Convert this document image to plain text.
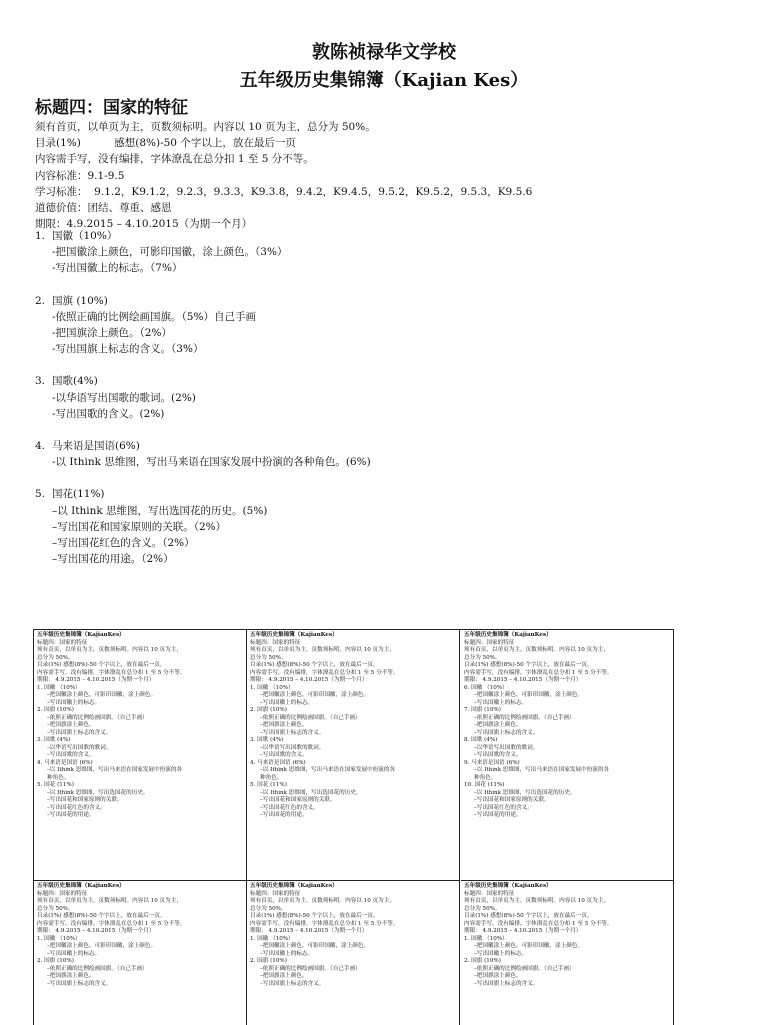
敦陈祯禄华文学校
五年级历史集锦簿（Kajian Kes）
标题四：国家的特征
须有首页，以单页为主，页数须标明。内容以 10 页为主，总分为 50%。
目录(1%)          感想(8%)-50 个字以上，放在最后一页
内容需手写，没有编排，字体潦乱在总分扣 1 至 5 分不等。
内容标准：9.1-9.5
学习标准：  9.1.2，K9.1.2，9.2.3，9.3.3，K9.3.8，9.4.2，K9.4.5，9.5.2，K9.5.2，9.5.3，K9.5.6
道德价值：团结、尊重、感恩
期限：4.9.2015 – 4.10.2015（为期一个月）
1. 国徽（10%）
-把国徽涂上颜色，可影印国徽，涂上颜色。（3%）
-写出国徽上的标志。（7%）
2. 国旗 (10%)
-依照正确的比例绘画国旗。（5%）自己手画
-把国旗涂上颜色。（2%）
-写出国旗上标志的含义。（3%）
3. 国歌(4%)
-以华语写出国歌的歌词。(2%)
-写出国歌的含义。(2%)
4. 马来语是国语(6%)
-以 Ithink 思维图，写出马来语在国家发展中扮演的各种角色。(6%)
5. 国花(11%)
–以 Ithink 思维图，写出选国花的历史。(5%)
–写出国花和国家原则的关联。（2%）
–写出国花红色的含义。（2%）
–写出国花的用途。（2%）
五年级历史集锦簿（KajianKes）
标题四：国家的特征
须有首页，以单页为主，页数须标明。内容以 10 页为主，
总分为 50%。
目录(1%) 感想(8%)-50 个字以上，放在最后一页。
内容需手写，没有编排，字体潦乱在总分扣 1 至 5 分不等。
期限： 4.9.2015 – 4.10.2015（为期一个月）
1. 国徽 （10%）
–把国徽涂上颜色，可影印国徽，涂上颜色。
–写出国徽上的标志。
2. 国旗 (10%)
–依照正确的比例绘画国旗。（自己手画）
–把国旗涂上颜色。
–写出国旗上标志的含义。
3. 国歌 (4%)
–以华语写出国歌的歌词。
–写出国歌的含义。
4. 马来语是国语 (6%)
–以 Ithink 思维图，写出马来语在国家发展中扮演的各
种角色。
5. 国花 (11%)
–以 Ithink 思维图，写出选国花的历史。
–写出国花和国家原则的关联。
–写出国花红色的含义。
–写出国花的用途。
五年级历史集锦簿（KajianKes）
标题四：国家的特征
须有首页，以单页为主，页数须标明。内容以 10 页为主，
总分为 50%。
目录(1%) 感想(8%)-50 个字以上，放在最后一页。
内容需手写，没有编排，字体潦乱在总分扣 1 至 5 分不等。
期限： 4.9.2015 – 4.10.2015（为期一个月）
1. 国徽 （10%）
–把国徽涂上颜色，可影印国徽，涂上颜色。
–写出国徽上的标志。
2. 国旗 (10%)
–依照正确的比例绘画国旗。（自己手画）
–把国旗涂上颜色。
–写出国旗上标志的含义。
3. 国歌 (4%)
–以华语写出国歌的歌词。
–写出国歌的含义。
4. 马来语是国语 (6%)
–以 Ithink 思维图，写出马来语在国家发展中扮演的各
种角色。
5. 国花 (11%)
–以 Ithink 思维图，写出选国花的历史。
–写出国花和国家原则的关联。
–写出国花红色的含义。
–写出国花的用途。
五年级历史集锦簿（KajianKes）
标题四：国家的特征
须有首页，以单页为主，页数须标明。内容以 10 页为主，
总分为 50%。
目录(1%) 感想(8%)-50 个字以上，放在最后一页。
内容需手写，没有编排，字体潦乱在总分扣 1 至 5 分不等。
期限： 4.9.2015 – 4.10.2015（为期一个月）
6. 国徽 （10%）
–把国徽涂上颜色，可影印国徽，涂上颜色。
–写出国徽上的标志。
7. 国旗 (10%)
–依照正确的比例绘画国旗。（自己手画）
–把国旗涂上颜色。
–写出国旗上标志的含义。
8. 国歌 (4%)
–以华语写出国歌的歌词。
–写出国歌的含义。
9. 马来语是国语 (6%)
–以 Ithink 思维图，写出马来语在国家发展中扮演的各
种角色。
10. 国花 (11%)
–以 Ithink 思维图，写出选国花的历史。
–写出国花和国家原则的关联。
–写出国花红色的含义。
–写出国花的用途。
五年级历史集锦簿（KajianKes）
标题四：国家的特征
须有首页，以单页为主，页数须标明。内容以 10 页为主，
总分为 50%。
目录(1%) 感想(8%)-50 个字以上，放在最后一页。
内容需手写，没有编排，字体潦乱在总分扣 1 至 5 分不等。
期限： 4.9.2015 – 4.10.2015（为期一个月）
1. 国徽 （10%）
–把国徽涂上颜色，可影印国徽，涂上颜色。
–写出国徽上的标志。
2. 国旗 (10%)
–依照正确的比例绘画国旗。（自己手画）
–把国旗涂上颜色。
–写出国旗上标志的含义。
五年级历史集锦簿（KajianKes）
标题四：国家的特征
须有首页，以单页为主，页数须标明。内容以 10 页为主，
总分为 50%。
目录(1%) 感想(8%)-50 个字以上，放在最后一页。
内容需手写，没有编排，字体潦乱在总分扣 1 至 5 分不等。
期限： 4.9.2015 – 4.10.2015（为期一个月）
1. 国徽 （10%）
–把国徽涂上颜色，可影印国徽，涂上颜色。
–写出国徽上的标志。
2. 国旗 (10%)
–依照正确的比例绘画国旗。（自己手画）
–把国旗涂上颜色。
–写出国旗上标志的含义。
五年级历史集锦簿（KajianKes）
标题四：国家的特征
须有首页，以单页为主，页数须标明。内容以 10 页为主，
总分为 50%。
目录(1%) 感想(8%)-50 个字以上，放在最后一页。
内容需手写，没有编排，字体潦乱在总分扣 1 至 5 分不等。
期限： 4.9.2015 – 4.10.2015（为期一个月）
1. 国徽 （10%）
–把国徽涂上颜色，可影印国徽，涂上颜色。
–写出国徽上的标志。
2. 国旗 (10%)
–依照正确的比例绘画国旗。（自己手画）
–把国旗涂上颜色。
–写出国旗上标志的含义。
